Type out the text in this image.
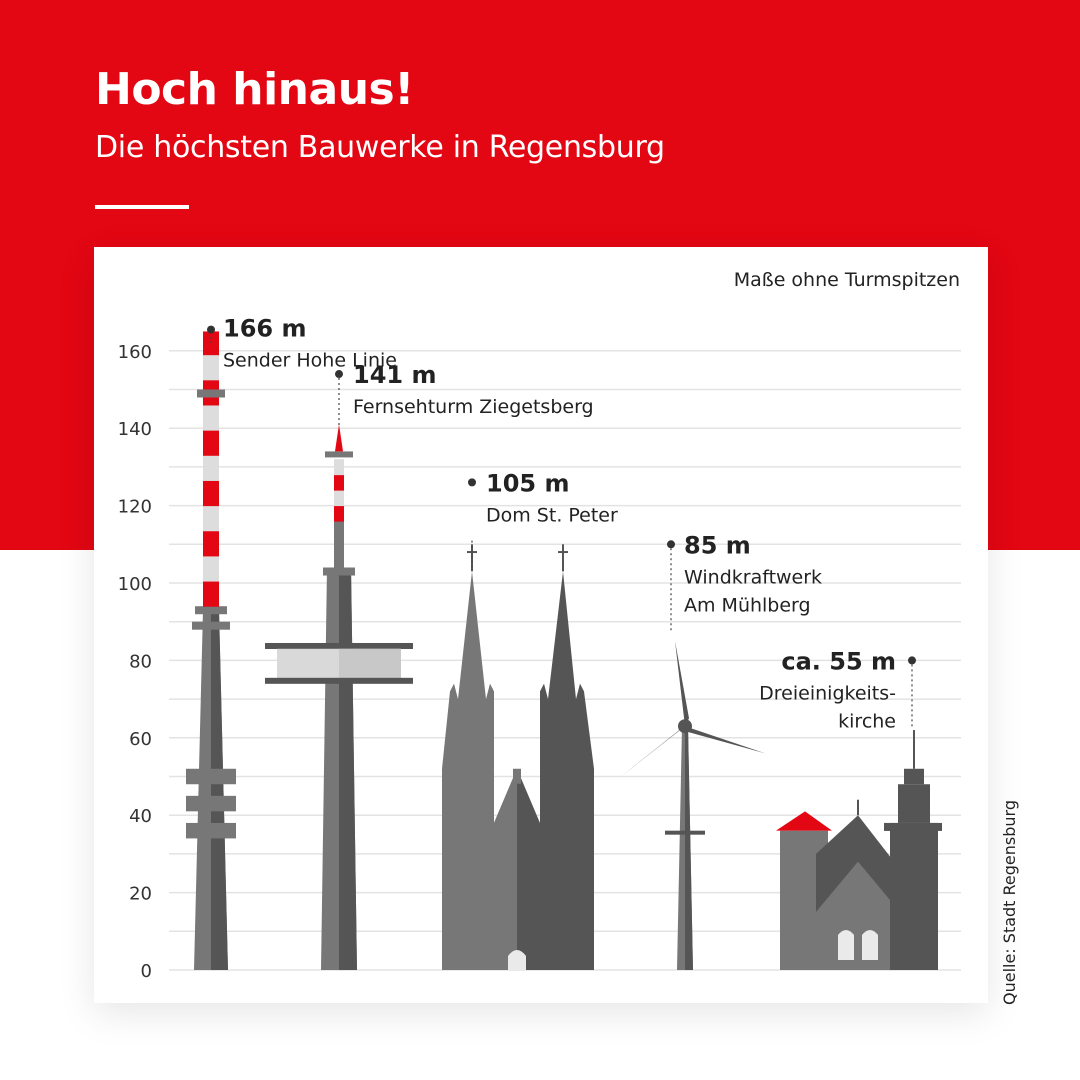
Hoch hinaus!

Die höchsten Bauwerke in Regensburg

0
20
40
60
80
100
120
140
160
166 m
Sender Hohe Linie
141 m
Fernsehturm Ziegetsberg
105 m
Dom St. Peter
85 m
Windkraftwerk
Am Mühlberg
ca. 55 m
Dreieinigkeits-
kirche
Maße ohne Turmspitzen
Quelle: Stadt Regensburg
